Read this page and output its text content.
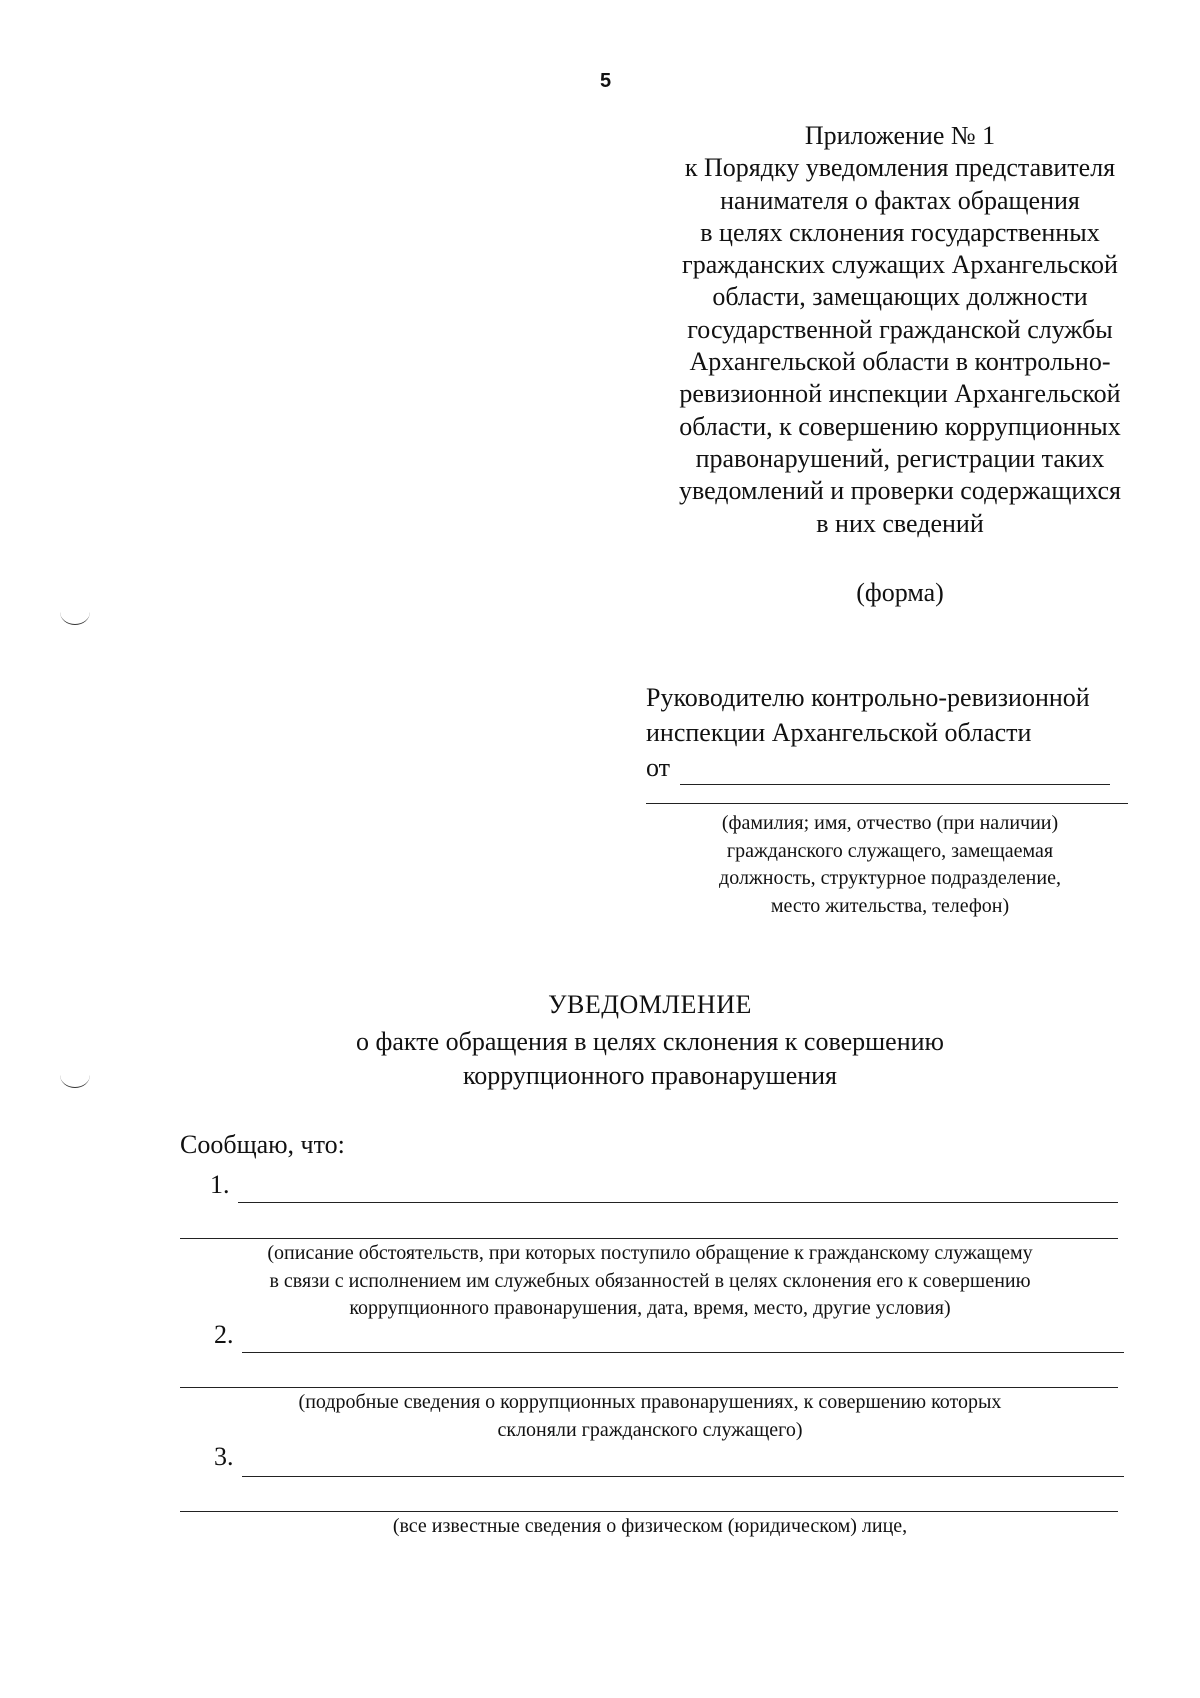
5
Приложение № 1
к Порядку уведомления представителя
нанимателя о фактах обращения
в целях склонения государственных
гражданских служащих Архангельской
области, замещающих должности
государственной гражданской службы
Архангельской области в контрольно-
ревизионной инспекции Архангельской
области, к совершению коррупционных
правонарушений, регистрации таких
уведомлений и проверки содержащихся
в них сведений
(форма)
Руководителю контрольно-ревизионной
инспекции Архангельской области
от
(фамилия; имя, отчество (при наличии)
гражданского служащего, замещаемая
должность, структурное подразделение,
место жительства, телефон)
УВЕДОМЛЕНИЕ
о факте обращения в целях склонения к совершению
коррупционного правонарушения
Сообщаю, что:
1.
(описание обстоятельств, при которых поступило обращение к гражданскому служащему
в связи с исполнением им служебных обязанностей в целях склонения его к совершению
коррупционного правонарушения, дата, время, место, другие условия)
2.
(подробные сведения о коррупционных правонарушениях, к совершению которых
склоняли гражданского служащего)
3.
(все известные сведения о физическом (юридическом) лице,
